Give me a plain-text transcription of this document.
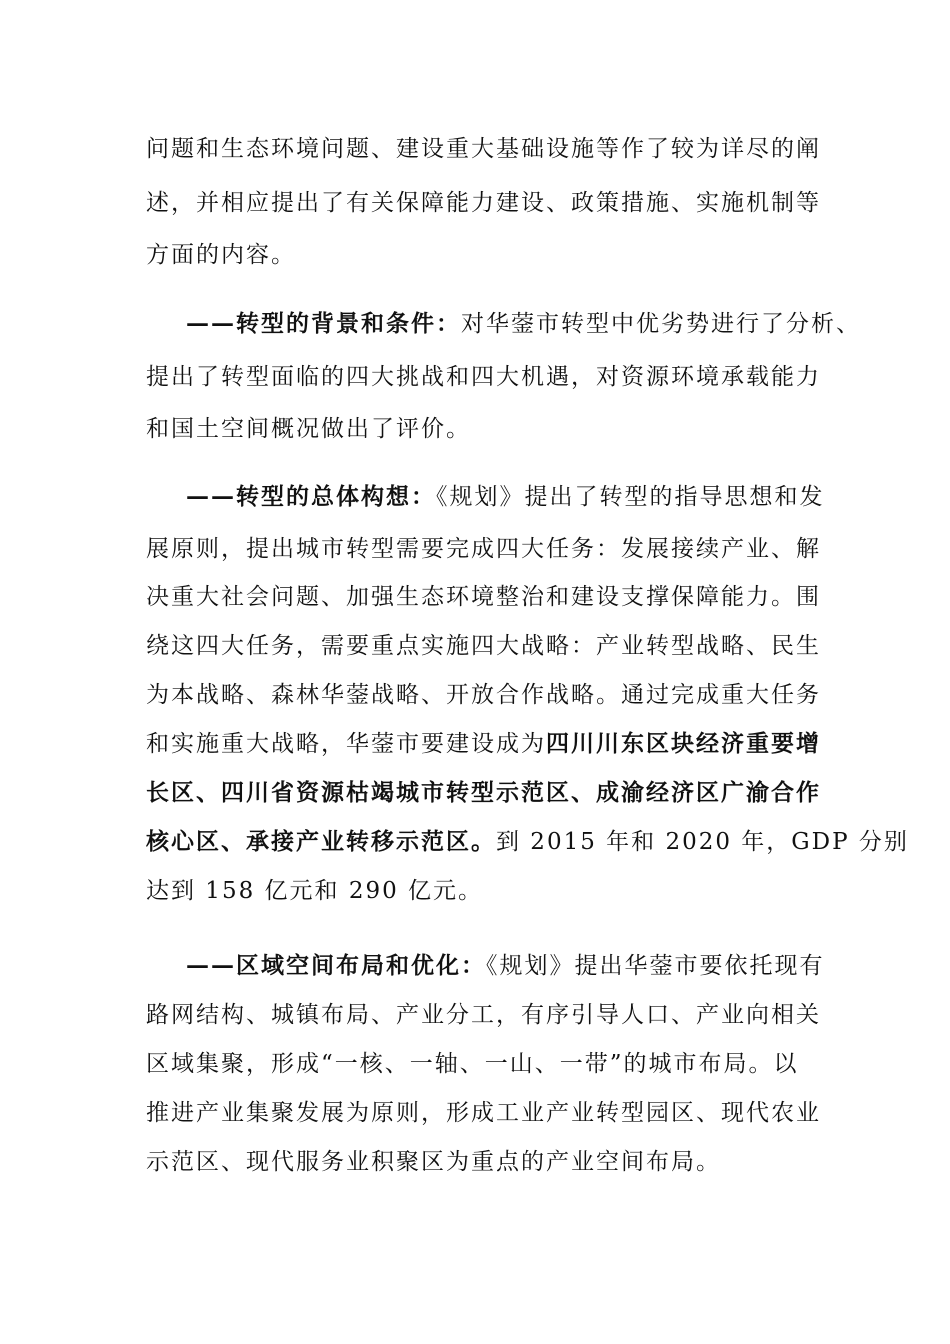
问题和生态环境问题、建设重大基础设施等作了较为详尽的阐
述，并相应提出了有关保障能力建设、政策措施、实施机制等
方面的内容。
——转型的背景和条件：对华蓥市转型中优劣势进行了分析、
提出了转型面临的四大挑战和四大机遇，对资源环境承载能力
和国土空间概况做出了评价。
——转型的总体构想：《规划》提出了转型的指导思想和发
展原则，提出城市转型需要完成四大任务：发展接续产业、解
决重大社会问题、加强生态环境整治和建设支撑保障能力。围
绕这四大任务，需要重点实施四大战略：产业转型战略、民生
为本战略、森林华蓥战略、开放合作战略。通过完成重大任务
和实施重大战略，华蓥市要建设成为四川川东区块经济重要增
长区、四川省资源枯竭城市转型示范区、成渝经济区广渝合作
核心区、承接产业转移示范区。到 2015 年和 2020 年，GDP 分别
达到 158 亿元和 290 亿元。
——区域空间布局和优化：《规划》提出华蓥市要依托现有
路网结构、城镇布局、产业分工，有序引导人口、产业向相关
区域集聚，形成“一核、一轴、一山、一带”的城市布局。以
推进产业集聚发展为原则，形成工业产业转型园区、现代农业
示范区、现代服务业积聚区为重点的产业空间布局。
